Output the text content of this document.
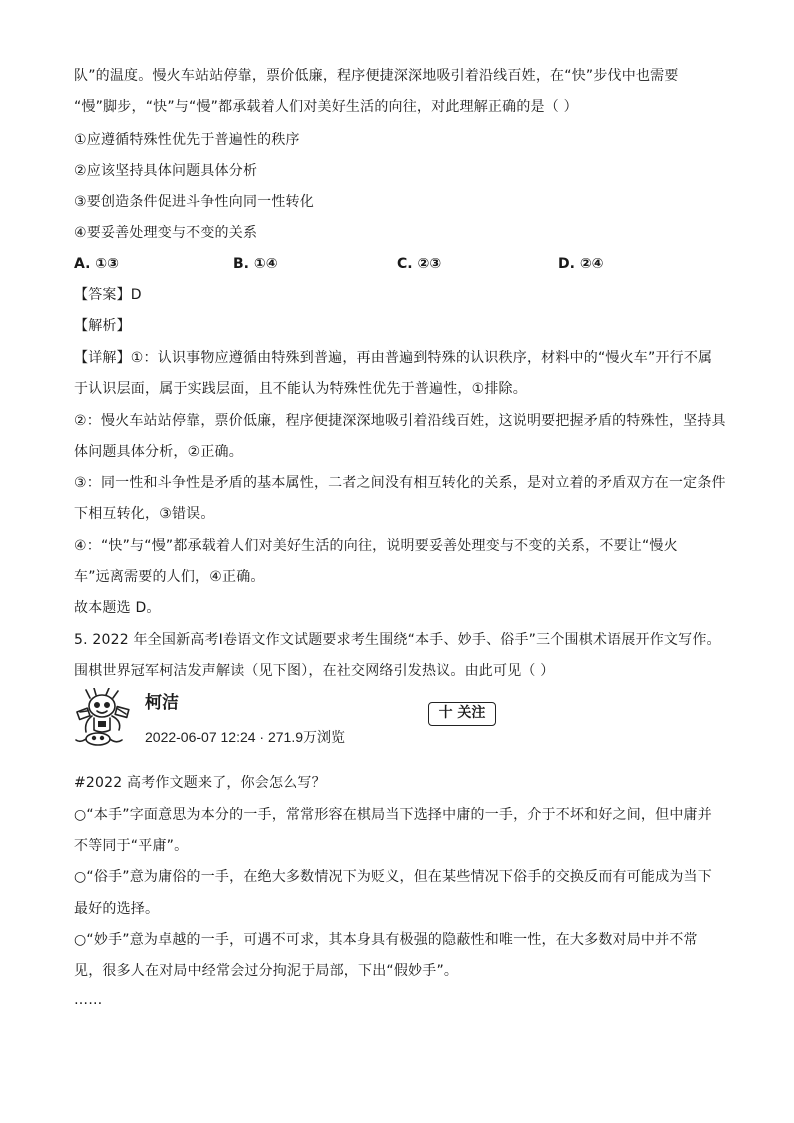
队”的温度。慢火车站站停靠，票价低廉，程序便捷深深地吸引着沿线百姓，在“快”步伐中也需要
“慢”脚步，“快”与“慢”都承载着人们对美好生活的向往，对此理解正确的是（ ）
①应遵循特殊性优先于普遍性的秩序
②应该坚持具体问题具体分析
③要创造条件促进斗争性向同一性转化
④要妥善处理变与不变的关系
A. ①③	B. ①④	C. ②③	D. ②④
【答案】D
【解析】
【详解】①：认识事物应遵循由特殊到普遍，再由普遍到特殊的认识秩序，材料中的“慢火车”开行不属
于认识层面，属于实践层面，且不能认为特殊性优先于普遍性，①排除。
②：慢火车站站停靠，票价低廉，程序便捷深深地吸引着沿线百姓，这说明要把握矛盾的特殊性，坚持具
体问题具体分析，②正确。
③：同一性和斗争性是矛盾的基本属性，二者之间没有相互转化的关系，是对立着的矛盾双方在一定条件
下相互转化，③错误。
④：“快”与“慢”都承载着人们对美好生活的向往，说明要妥善处理变与不变的关系，不要让“慢火
车”远离需要的人们，④正确。
故本题选 D。
5. 2022 年全国新高考Ⅰ卷语文作文试题要求考生围绕“本手、妙手、俗手”三个围棋术语展开作文写作。
围棋世界冠军柯洁发声解读（见下图），在社交网络引发热议。由此可见（ ）
柯洁
2022-06-07 12:24 · 271.9万浏览
十 关注
#2022 高考作文题来了，你会怎么写？
○“本手”字面意思为本分的一手，常常形容在棋局当下选择中庸的一手，介于不坏和好之间，但中庸并
不等同于“平庸”。
○“俗手”意为庸俗的一手，在绝大多数情况下为贬义，但在某些情况下俗手的交换反而有可能成为当下
最好的选择。
○“妙手”意为卓越的一手，可遇不可求，其本身具有极强的隐蔽性和唯一性，在大多数对局中并不常
见，很多人在对局中经常会过分拘泥于局部，下出“假妙手”。
……
